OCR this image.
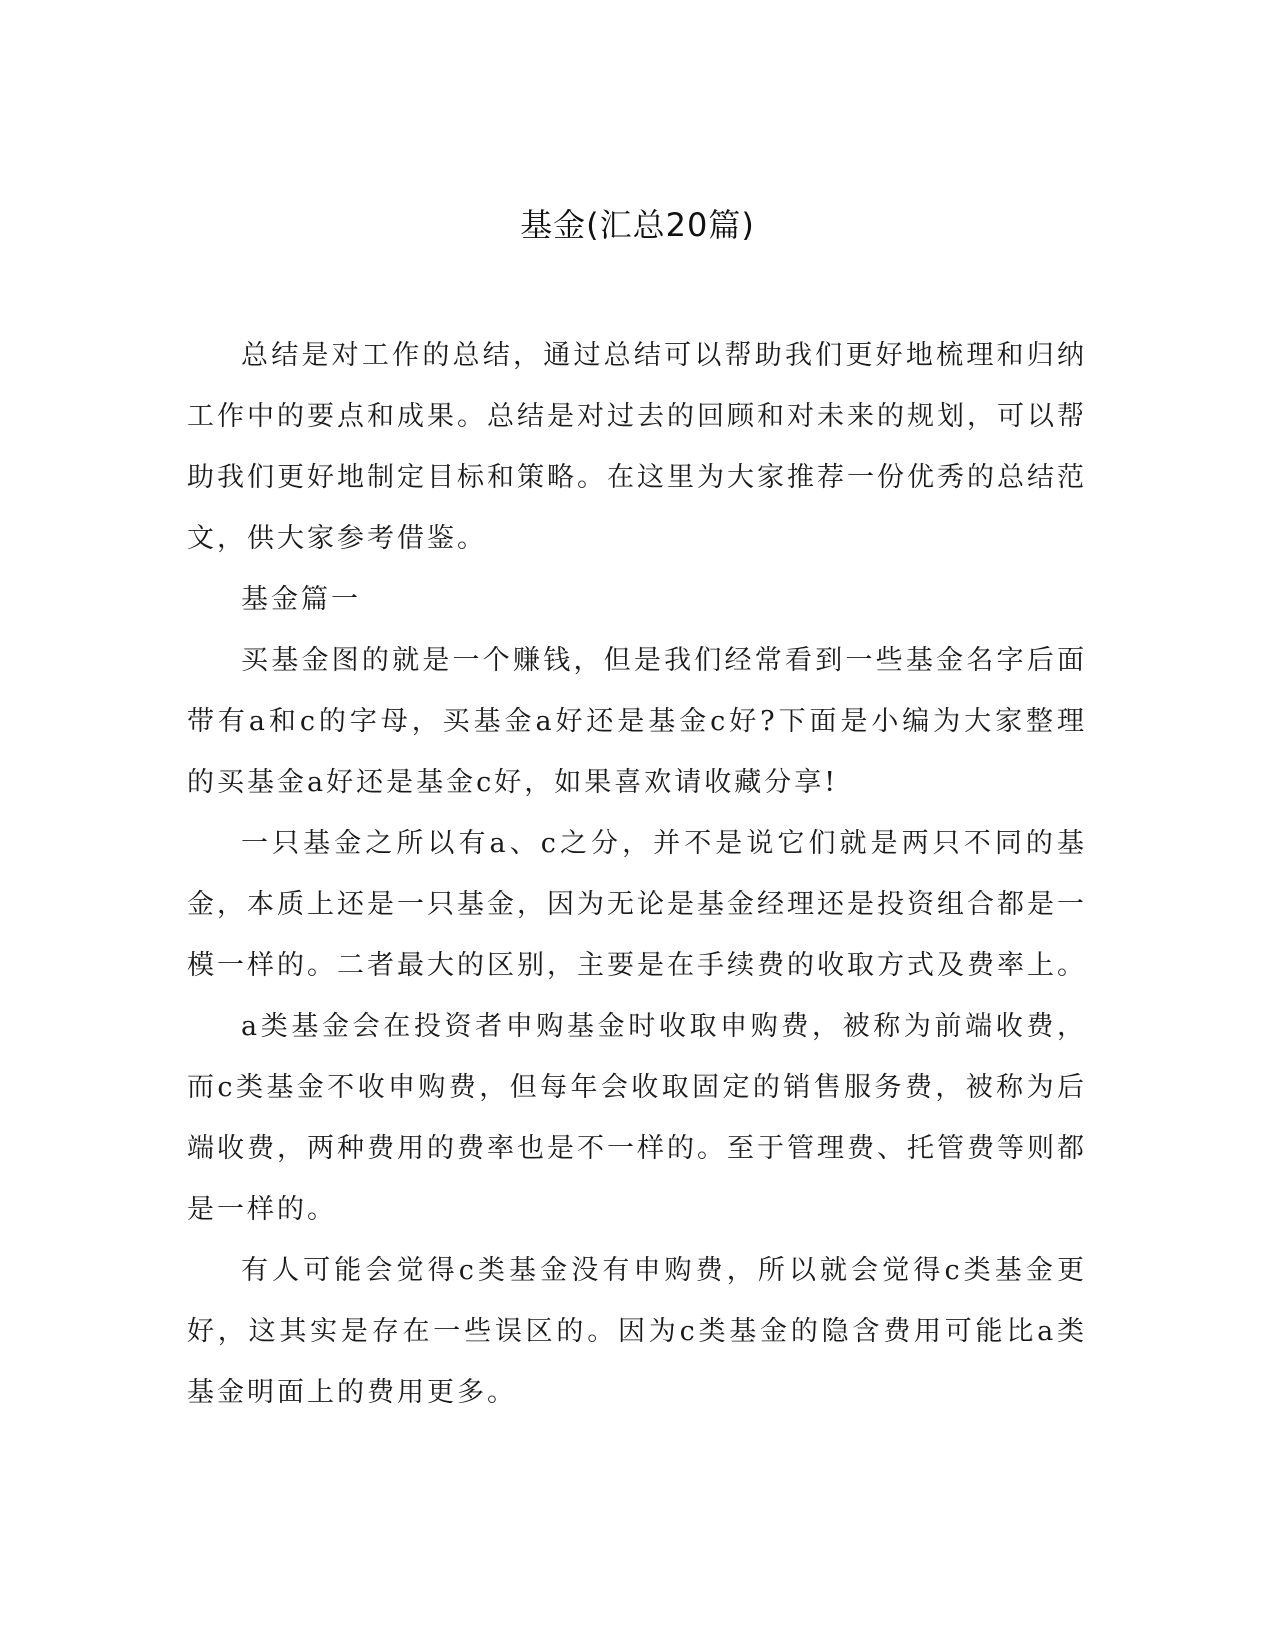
基金(汇总20篇)

总结是对工作的总结，通过总结可以帮助我们更好地梳理和归纳工作中的要点和成果。总结是对过去的回顾和对未来的规划，可以帮助我们更好地制定目标和策略。在这里为大家推荐一份优秀的总结范文，供大家参考借鉴。

基金篇一

买基金图的就是一个赚钱，但是我们经常看到一些基金名字后面带有a和c的字母，买基金a好还是基金c好?下面是小编为大家整理的买基金a好还是基金c好，如果喜欢请收藏分享!

一只基金之所以有a、c之分，并不是说它们就是两只不同的基金，本质上还是一只基金，因为无论是基金经理还是投资组合都是一模一样的。二者最大的区别，主要是在手续费的收取方式及费率上。

a类基金会在投资者申购基金时收取申购费，被称为前端收费，而c类基金不收申购费，但每年会收取固定的销售服务费，被称为后端收费，两种费用的费率也是不一样的。至于管理费、托管费等则都是一样的。

有人可能会觉得c类基金没有申购费，所以就会觉得c类基金更好，这其实是存在一些误区的。因为c类基金的隐含费用可能比a类基金明面上的费用更多。
